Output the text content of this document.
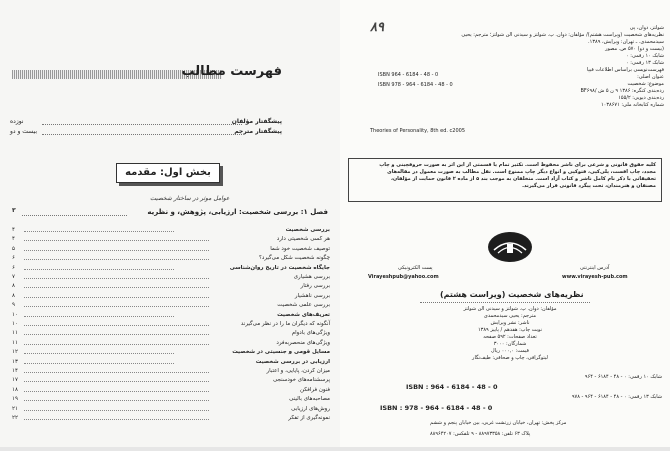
فهرست مطالب
پیشگفتار مؤلفان
نوزده
پیشگفتار مترجم
بیست و دو
بخش اول: مقدمه
عوامل موثر در ساختار شخصیت
فصل ۱: بررسی شخصیت: ارزیابی، پژوهش، و نظریه
۳
بررسی شخصیت
۴
هر کسی شخصیتی دارد
۴
توصیف شخصیت خود شما
۵
چگونه شخصیت شکل می‌گیرد؟
۶
جایگاه شخصیت در تاریخ روان‌شناسی
۶
بررسی هشیاری
۷
بررسی رفتار
۸
بررسی ناهشیار
۸
بررسی علمی شخصیت
۹
تعریف‌های شخصیت
۱۰
آنگونه که دیگران ما را در نظر می‌گیرند
۱۰
ویژگی‌های بادوام
۱۱
ویژگی‌های منحصربه‌فرد
۱۱
مسایل قومی و جنسیتی در شخصیت
۱۲
ارزیابی در بررسی شخصیت
۱۳
میزان کردن، پایایی، و اعتبار
۱۴
پرسشنامه‌های خودسنجی
۱۷
فنون فرافکن
۱۸
مصاحبه‌های بالینی
۱۹
روش‌های ارزیابی
۲۱
نمونه‌گیری از تفکر
۲۲
۸۹	شولتز، دوان، پی
نظریه‌های شخصیت (ویراست هشتم)/ مؤلفان: دوان. پ. شولتز و سیدنی الن شولتز؛ مترجم: یحیی
سیدمحمدی. ـ تهران: ویرایش، ۱۳۸۹.
(بیست و دو) ۵۷۰ ص. مصور
شابک ۱۰ رقمی: ۰
شابک ۱۳ رقمی: ۰
فهرست‌نویسی براساس اطلاعات فیپا
عنوان اصلی:
موضوع: شخصیت
رده‌بندی کنگره: ۱۳۸۶ ۹ ن ۵ ش /BF۶۹۸
رده‌بندی دیویی: ۱۵۵/۲
شماره کتابخانه ملی: ۱۰۳۸۶۷۱
ISBN 964 - 6184 - 48 - 0
ISBN 978 - 964 - 6184 - 48 - 0
Theories of Personality, 8th ed. c2005
کلیه حقوق قانونی و شرعی برای ناشر محفوظ است. تکثیر تمام یا قسمتی از این اثر به صورت حروفچینی و چاپ
مجدد، چاپ افست، پلی‌کپی، فتوکپی و انواع دیگر چاپ ممنوع است. نقل مطالب به صورت معمول در مقاله‌های
تحقیقاتی با ذکر نام کامل ناشر و کتاب آزاد است. متخلفان به موجب بند ۵ از ماده ۲ قانون حمایت از مؤلفان،
مصنفان و هنرمندان، تحت پیگرد قانونی قرار می‌گیرند.
پست الکترونیکی
Virayeshpub@yahoo.com
آدرس اینترنتی
www.virayesh-pub.com
نظریه‌های شخصیت (ویراست هشتم)
مؤلفان: دوان. پ. شولتز و سیدنی الن شولتز
مترجم: یحیی سیدمحمدی
ناشر: نشر ویرایش
نوبت چاپ: هفدهم / پاییز ۱۳۸۹
تعداد صفحات: ۵۹۲ صفحه
شمارگان: ۳۰۰۰
قیمت: ۰۰۰,۰ ریال
لیتوگرافی، چاپ و صحافی: طیف‌نگار
شابک ۱۰ رقمی: ۰ - ۴۸ - ۶۱۸۴ - ۹۶۴
ISBN : 964 - 6184 - 48 - 0
شابک ۱۳ رقمی: ۰ - ۴۸ - ۶۱۸۴ - ۹۶۴ - ۹۷۸
ISBN : 978 - 964 - 6184 - 48 - 0
مرکز پخش: تهران، خیابان زرتشت غربی، بین خیابان پنجم و ششم
پلاک ۶۳ تلفن: ۸۸۹۷۳۳۵۸ - ۹ تلفکس: ۸۸۹۶۴۲۰۷
